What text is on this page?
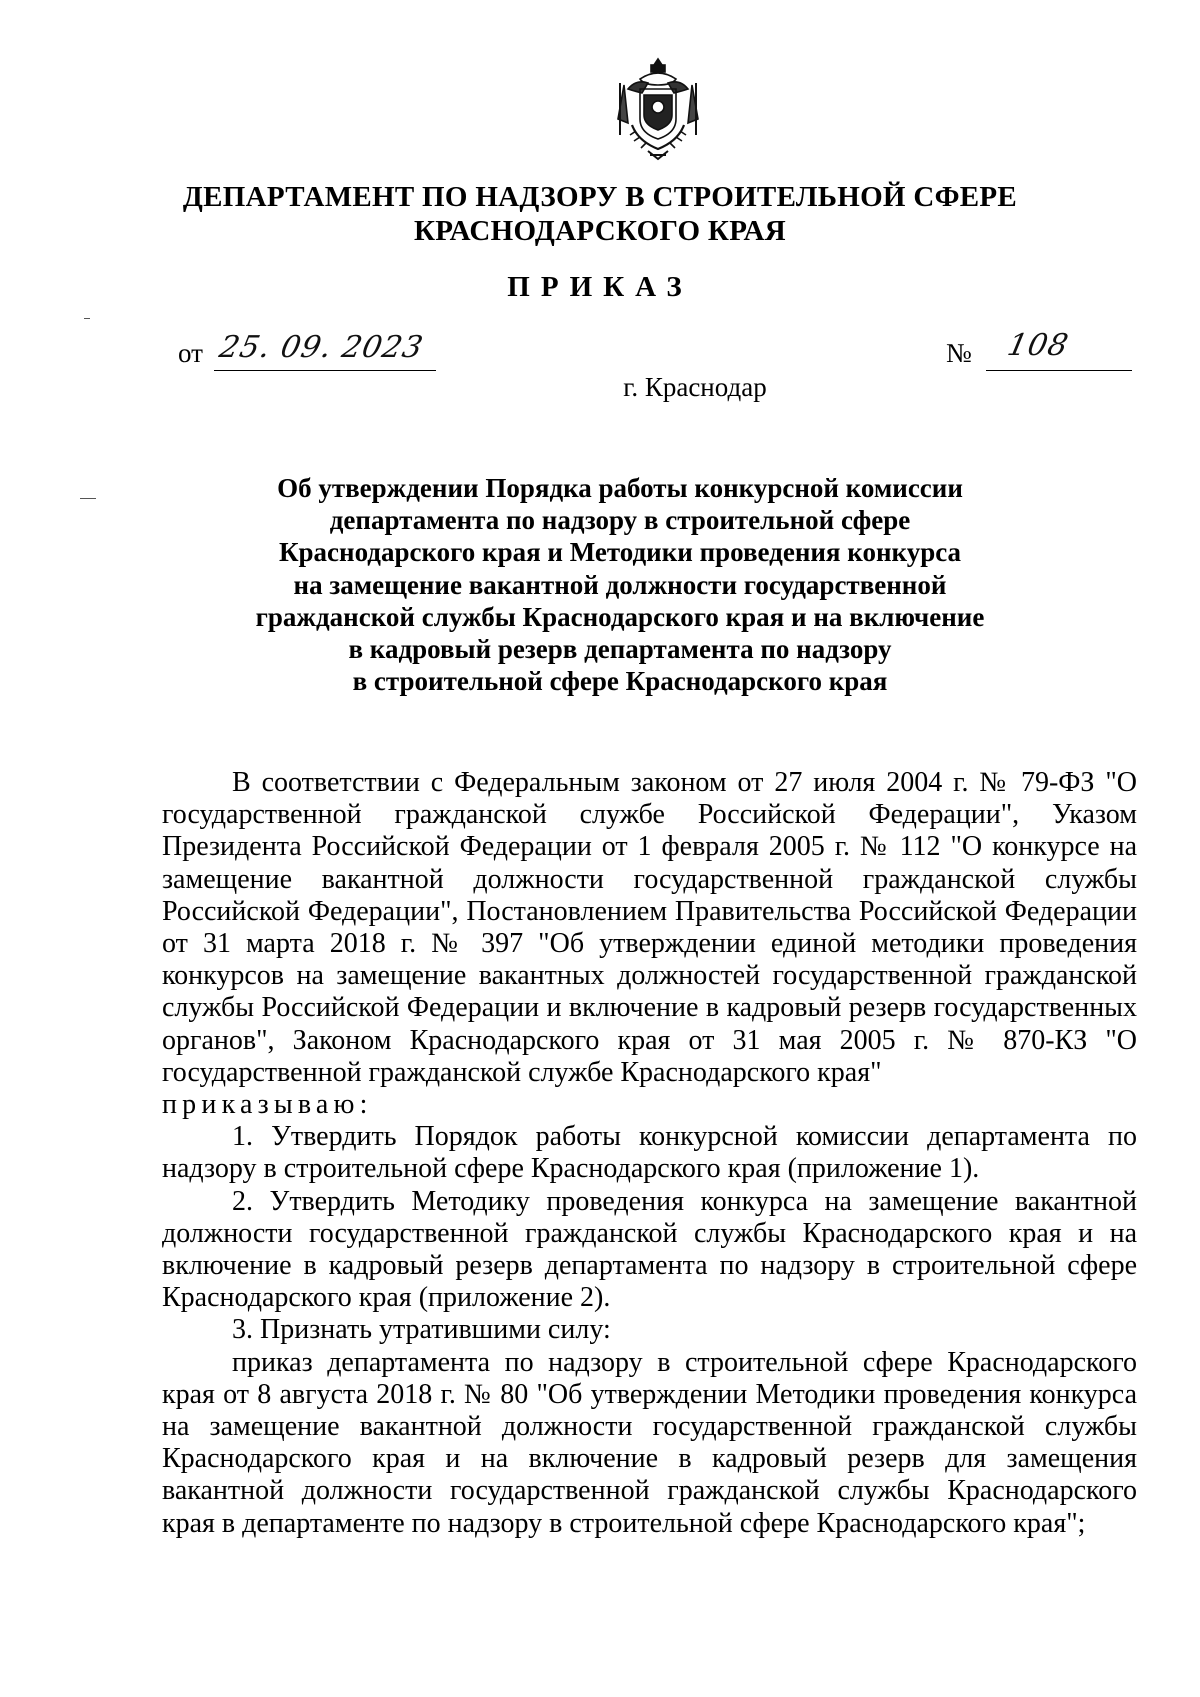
ДЕПАРТАМЕНТ ПО НАДЗОРУ В СТРОИТЕЛЬНОЙ СФЕРЕ
КРАСНОДАРСКОГО КРАЯ
ПРИКАЗ
от 25. 09. 2023	№ 108
г. Краснодар
Об утверждении Порядка работы конкурсной комиссии
департамента по надзору в строительной сфере
Краснодарского края и Методики проведения конкурса
на замещение вакантной должности государственной
гражданской службы Краснодарского края и на включение
в кадровый резерв департамента по надзору
в строительной сфере Краснодарского края

В соответствии с Федеральным законом от 27 июля 2004 г. № 79-ФЗ "О государственной гражданской службе Российской Федерации", Указом Президента Российской Федерации от 1 февраля 2005 г. № 112 "О конкурсе на замещение вакантной должности государственной гражданской службы Российской Федерации", Постановлением Правительства Российской Федерации от 31 марта 2018 г. № 397 "Об утверждении единой методики проведения конкурсов на замещение вакантных должностей государственной гражданской службы Российской Федерации и включение в кадровый резерв государственных органов", Законом Краснодарского края от 31 мая 2005 г. № 870-КЗ "О государственной гражданской службе Краснодарского края"

приказываю:

1. Утвердить Порядок работы конкурсной комиссии департамента по надзору в строительной сфере Краснодарского края (приложение 1).

2. Утвердить Методику проведения конкурса на замещение вакантной должности государственной гражданской службы Краснодарского края и на включение в кадровый резерв департамента по надзору в строительной сфере Краснодарского края (приложение 2).

3. Признать утратившими силу:

приказ департамента по надзору в строительной сфере Краснодарского края от 8 августа 2018 г. № 80 "Об утверждении Методики проведения конкурса на замещение вакантной должности государственной гражданской службы Краснодарского края и на включение в кадровый резерв для замещения вакантной должности государственной гражданской службы Краснодарского края в департаменте по надзору в строительной сфере Краснодарского края";
